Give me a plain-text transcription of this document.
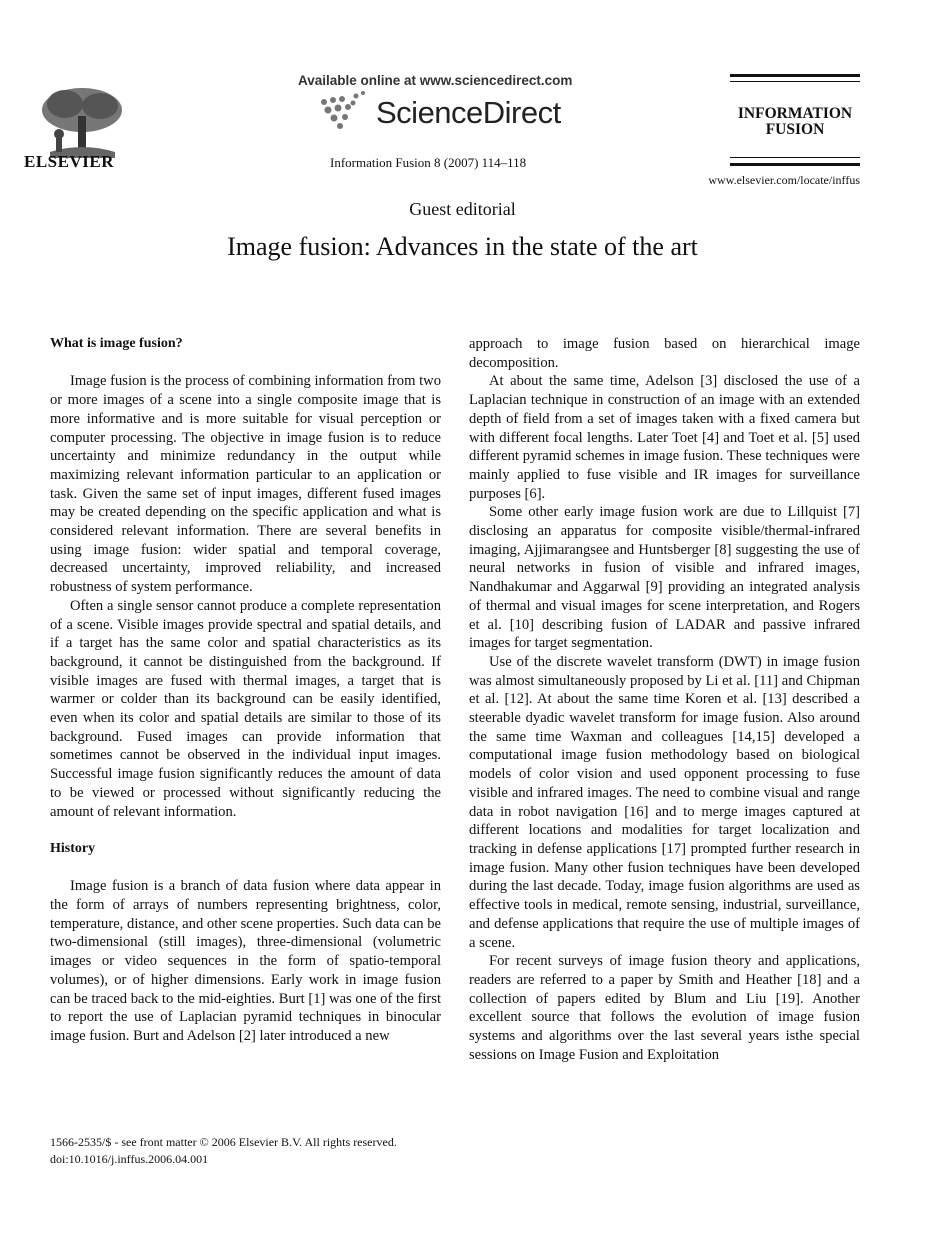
ELSEVIER
Available online at www.sciencedirect.com
ScienceDirect
Information Fusion 8 (2007) 114–118
INFORMATION
FUSION
www.elsevier.com/locate/inffus
Guest editorial
Image fusion: Advances in the state of the art
What is image fusion?

Image fusion is the process of combining information from two or more images of a scene into a single composite image that is more informative and is more suitable for visual perception or computer processing. The objective in image fusion is to reduce uncertainty and minimize redundancy in the output while maximizing relevant information particular to an application or task. Given the same set of input images, different fused images may be created depending on the specific application and what is considered relevant information. There are several benefits in using image fusion: wider spatial and temporal coverage, decreased uncertainty, improved reliability, and increased robustness of system performance.

Often a single sensor cannot produce a complete representation of a scene. Visible images provide spectral and spatial details, and if a target has the same color and spatial characteristics as its background, it cannot be distinguished from the background. If visible images are fused with thermal images, a target that is warmer or colder than its background can be easily identified, even when its color and spatial details are similar to those of its background. Fused images can provide information that sometimes cannot be observed in the individual input images. Successful image fusion significantly reduces the amount of data to be viewed or processed without significantly reducing the amount of relevant information.

History

Image fusion is a branch of data fusion where data appear in the form of arrays of numbers representing brightness, color, temperature, distance, and other scene properties. Such data can be two-dimensional (still images), three-dimensional (volumetric images or video sequences in the form of spatio-temporal volumes), or of higher dimensions. Early work in image fusion can be traced back to the mid-eighties. Burt [1] was one of the first to report the use of Laplacian pyramid techniques in binocular image fusion. Burt and Adelson [2] later introduced a new

approach to image fusion based on hierarchical image decomposition.

At about the same time, Adelson [3] disclosed the use of a Laplacian technique in construction of an image with an extended depth of field from a set of images taken with a fixed camera but with different focal lengths. Later Toet [4] and Toet et al. [5] used different pyramid schemes in image fusion. These techniques were mainly applied to fuse visible and IR images for surveillance purposes [6].

Some other early image fusion work are due to Lillquist [7] disclosing an apparatus for composite visible/thermal-infrared imaging, Ajjimarangsee and Huntsberger [8] suggesting the use of neural networks in fusion of visible and infrared images, Nandhakumar and Aggarwal [9] providing an integrated analysis of thermal and visual images for scene interpretation, and Rogers et al. [10] describing fusion of LADAR and passive infrared images for target segmentation.

Use of the discrete wavelet transform (DWT) in image fusion was almost simultaneously proposed by Li et al. [11] and Chipman et al. [12]. At about the same time Koren et al. [13] described a steerable dyadic wavelet transform for image fusion. Also around the same time Waxman and colleagues [14,15] developed a computational image fusion methodology based on biological models of color vision and used opponent processing to fuse visible and infrared images. The need to combine visual and range data in robot navigation [16] and to merge images captured at different locations and modalities for target localization and tracking in defense applications [17] prompted further research in image fusion. Many other fusion techniques have been developed during the last decade. Today, image fusion algorithms are used as effective tools in medical, remote sensing, industrial, surveillance, and defense applications that require the use of multiple images of a scene.

For recent surveys of image fusion theory and applications, readers are referred to a paper by Smith and Heather [18] and a collection of papers edited by Blum and Liu [19]. Another excellent source that follows the evolution of image fusion systems and algorithms over the last several years isthe special sessions on Image Fusion and Exploitation

1566-2535/$ - see front matter © 2006 Elsevier B.V. All rights reserved.
doi:10.1016/j.inffus.2006.04.001
